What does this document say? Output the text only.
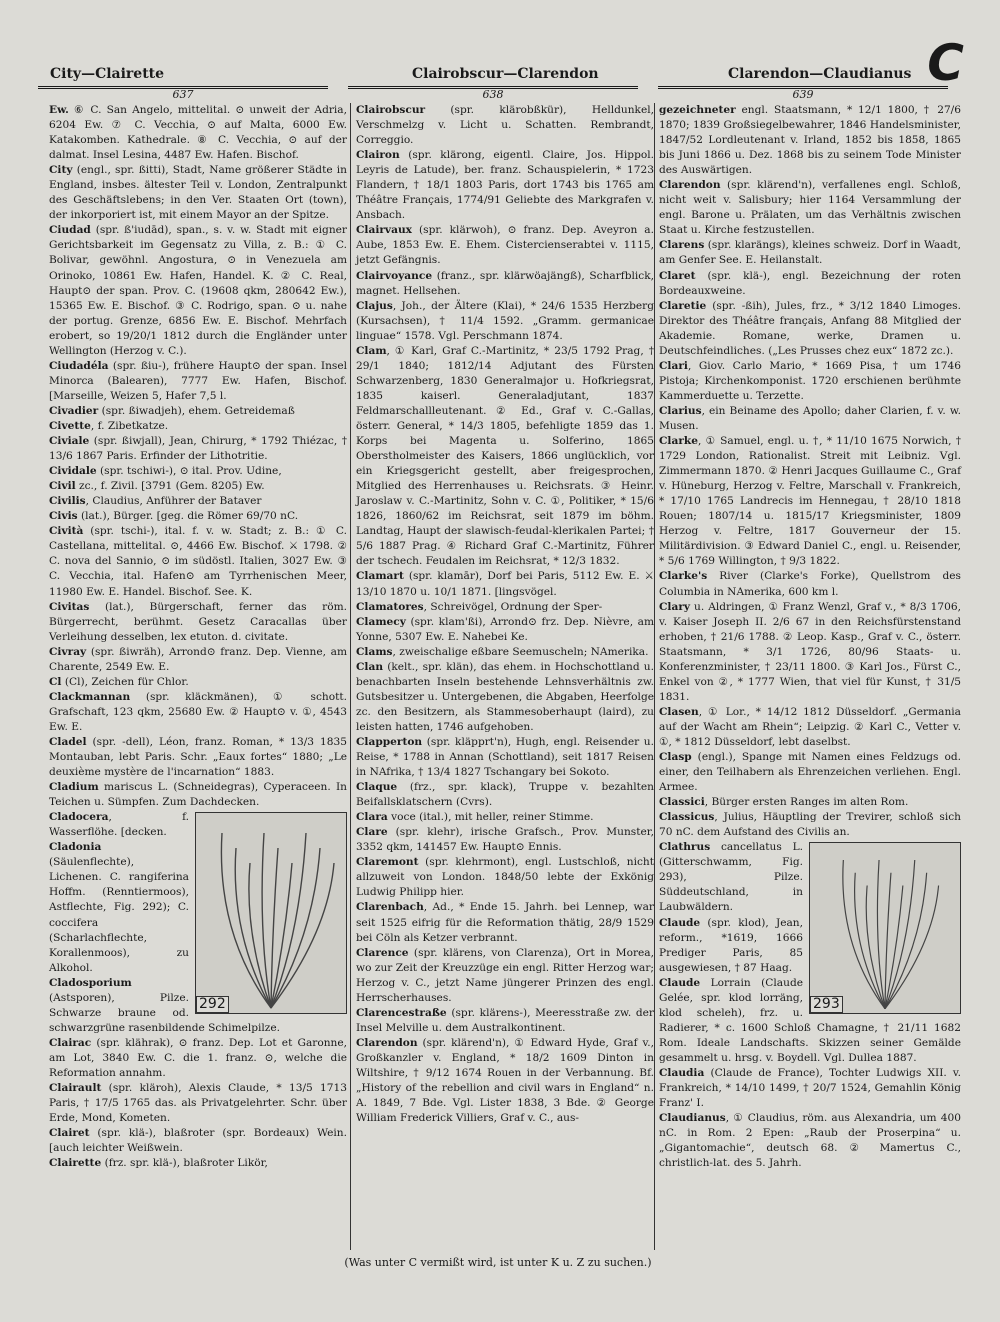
C
City—Clairette	Clairobscur—Clarendon	Clarendon—Claudianus
637	638	639

Ew. ⑥ C. San Angelo, mittelital. ⊙ unweit der Adria, 6204 Ew. ⑦ C. Vecchia, ⊙ auf Malta, 6000 Ew. Katakomben. Kathedrale. ⑧ C. Vecchia, ⊙ auf der dalmat. Insel Lesina, 4487 Ew. Hafen. Bischof.

City (engl., spr. ßitti), Stadt, Name größerer Städte in England, insbes. ältester Teil v. London, Zentralpunkt des Geschäftslebens; in den Ver. Staaten Ort (town), der inkorporiert ist, mit einem Mayor an der Spitze.

Ciudad (spr. ß'iudād), span., s. v. w. Stadt mit eigner Gerichtsbarkeit im Gegensatz zu Villa, z. B.: ① C. Bolivar, gewöhnl. Angostura, ⊙ in Venezuela am Orinoko, 10861 Ew. Hafen, Handel. K. ② C. Real, Haupt⊙ der span. Prov. C. (19608 qkm, 280642 Ew.), 15365 Ew. E. Bischof. ③ C. Rodrigo, span. ⊙ u. nahe der portug. Grenze, 6856 Ew. E. Bischof. Mehrfach erobert, so 19/20/1 1812 durch die Engländer unter Wellington (Herzog v. C.).

Ciudadéla (spr. ßiu-), frühere Haupt⊙ der span. Insel Minorca (Balearen), 7777 Ew. Hafen, Bischof. [Marseille, Weizen 5, Hafer 7,5 l.

Civadier (spr. ßiwadjeh), ehem. Getreidemaß

Civette, f. Zibetkatze.

Civiale (spr. ßiwjall), Jean, Chirurg, * 1792 Thiézac, † 13/6 1867 Paris. Erfinder der Lithotritie.

Cividale (spr. tschiwi-), ⊙ ital. Prov. Udine,

Civil zc., f. Zivil. [3791 (Gem. 8205) Ew.

Civilis, Claudius, Anführer der Bataver

Civis (lat.), Bürger. [geg. die Römer 69/70 nC.

Cività (spr. tschi-), ital. f. v. w. Stadt; z. B.: ① C. Castellana, mittelital. ⊙, 4466 Ew. Bischof. ⚔ 1798. ② C. nova del Sannio, ⊙ im südöstl. Italien, 3027 Ew. ③ C. Vecchia, ital. Hafen⊙ am Tyrrhenischen Meer, 11980 Ew. E. Handel. Bischof. See. K.

Civitas (lat.), Bürgerschaft, ferner das röm. Bürgerrecht, berühmt. Gesetz Caracallas über Verleihung desselben, lex etuton. d. civitate.

Civray (spr. ßiwräh), Arrond⊙ franz. Dep. Vienne, am Charente, 2549 Ew. E.

Cl (Cl), Zeichen für Chlor.

Clackmannan (spr. kläckmänen), ① schott. Grafschaft, 123 qkm, 25680 Ew. ② Haupt⊙ v. ①, 4543 Ew. E.

Cladel (spr. -dell), Léon, franz. Roman, * 13/3 1835 Montauban, lebt Paris. Schr. „Eaux fortes“ 1880; „Le deuxième mystère de l'incarnation“ 1883.

Cladium mariscus L. (Schneidegras), Cyperaceen. In Teichen u. Sümpfen. Zum Dachdecken.

292

Cladocera, f. Wasserflöhe. [decken.

Cladonia (Säulenflechte), Lichenen. C. rangiferina Hoffm. (Renntiermoos), Astflechte, Fig. 292); C. coccifera (Scharlachflechte, Korallenmoos), zu Alkohol.

Cladosporium (Astsporen), Pilze. Schwarze braune od. schwarzgrüne rasenbildende Schimelpilze.

Clairac (spr. klährak), ⊙ franz. Dep. Lot et Garonne, am Lot, 3840 Ew. C. die 1. franz. ⊙, welche die Reformation annahm.

Clairault (spr. kläroh), Alexis Claude, * 13/5 1713 Paris, † 17/5 1765 das. als Privatgelehrter. Schr. über Erde, Mond, Kometen.

Clairet (spr. klä-), blaßroter (spr. Bordeaux) Wein. [auch leichter Weißwein.

Clairette (frz. spr. klä-), blaßroter Likör,

Clairobscur (spr. klärobßkür), Helldunkel, Verschmelzg v. Licht u. Schatten. Rembrandt, Correggio.

Clairon (spr. klärong, eigentl. Claire, Jos. Hippol. Leyris de Latude), ber. franz. Schauspielerin, * 1723 Flandern, † 18/1 1803 Paris, dort 1743 bis 1765 am Théâtre Français, 1774/91 Geliebte des Markgrafen v. Ansbach.

Clairvaux (spr. klärwoh), ⊙ franz. Dep. Aveyron a. Aube, 1853 Ew. E. Ehem. Cistercienserabtei v. 1115, jetzt Gefängnis.

Clairvoyance (franz., spr. klärwöajängß), Scharfblick, magnet. Hellsehen.

Clajus, Joh., der Ältere (Klai), * 24/6 1535 Herzberg (Kursachsen), † 11/4 1592. „Gramm. germanicae linguae“ 1578. Vgl. Perschmann 1874.

Clam, ① Karl, Graf C.-Martinitz, * 23/5 1792 Prag, † 29/1 1840; 1812/14 Adjutant des Fürsten Schwarzenberg, 1830 Generalmajor u. Hofkriegsrat, 1835 kaiserl. Generaladjutant, 1837 Feldmarschallleutenant. ② Ed., Graf v. C.-Gallas, österr. General, * 14/3 1805, befehligte 1859 das 1. Korps bei Magenta u. Solferino, 1865 Oberstholmeister des Kaisers, 1866 unglücklich, vor ein Kriegsgericht gestellt, aber freigesprochen, Mitglied des Herrenhauses u. Reichsrats. ③ Heinr. Jaroslaw v. C.-Martinitz, Sohn v. C. ①, Politiker, * 15/6 1826, 1860/62 im Reichsrat, seit 1879 im böhm. Landtag, Haupt der slawisch-feudal-klerikalen Partei; † 5/6 1887 Prag. ④ Richard Graf C.-Martinitz, Führer der tschech. Feudalen im Reichsrat, * 12/3 1832.

Clamart (spr. klamār), Dorf bei Paris, 5112 Ew. E. ⚔ 13/10 1870 u. 10/1 1871. [lingsvögel.

Clamatores, Schreivögel, Ordnung der Sper-

Clamecy (spr. klam'ßi), Arrond⊙ frz. Dep. Nièvre, am Yonne, 5307 Ew. E. Nahebei Ke.

Clams, zweischalige eßbare Seemuscheln; NAmerika.

Clan (kelt., spr. klän), das ehem. in Hochschottland u. benachbarten Inseln bestehende Lehnsverhältnis zw. Gutsbesitzer u. Untergebenen, die Abgaben, Heerfolge zc. den Besitzern, als Stammesoberhaupt (laird), zu leisten hatten, 1746 aufgehoben.

Clapperton (spr. kläpprt'n), Hugh, engl. Reisender u. Reise, * 1788 in Annan (Schottland), seit 1817 Reisen in NAfrika, † 13/4 1827 Tschangary bei Sokoto.

Claque (frz., spr. klack), Truppe v. bezahlten Beifallsklatschern (Cvrs).

Clara voce (ital.), mit heller, reiner Stimme.

Clare (spr. klehr), irische Grafsch., Prov. Munster, 3352 qkm, 141457 Ew. Haupt⊙ Ennis.

Claremont (spr. klehrmont), engl. Lustschloß, nicht allzuweit von London. 1848/50 lebte der Exkönig Ludwig Philipp hier.

Clarenbach, Ad., * Ende 15. Jahrh. bei Lennep, war seit 1525 eifrig für die Reformation thätig, 28/9 1529 bei Cöln als Ketzer verbrannt.

Clarence (spr. klärens, von Clarenza), Ort in Morea, wo zur Zeit der Kreuzzüge ein engl. Ritter Herzog war; Herzog v. C., jetzt Name jüngerer Prinzen des engl. Herrscherhauses.

Clarencestraße (spr. klärens-), Meeresstraße zw. der Insel Melville u. dem Australkontinent.

Clarendon (spr. klärend'n), ① Edward Hyde, Graf v., Großkanzler v. England, * 18/2 1609 Dinton in Wiltshire, † 9/12 1674 Rouen in der Verbannung. Bf. „History of the rebellion and civil wars in England“ n. A. 1849, 7 Bde. Vgl. Lister 1838, 3 Bde. ② George William Frederick Villiers, Graf v. C., aus-

gezeichneter engl. Staatsmann, * 12/1 1800, † 27/6 1870; 1839 Großsiegelbewahrer, 1846 Handelsminister, 1847/52 Lordleutenant v. Irland, 1852 bis 1858, 1865 bis Juni 1866 u. Dez. 1868 bis zu seinem Tode Minister des Auswärtigen.

Clarendon (spr. klärend'n), verfallenes engl. Schloß, nicht weit v. Salisbury; hier 1164 Versammlung der engl. Barone u. Prälaten, um das Verhältnis zwischen Staat u. Kirche festzustellen.

Clarens (spr. klarängs), kleines schweiz. Dorf in Waadt, am Genfer See. E. Heilanstalt.

Claret (spr. klä-), engl. Bezeichnung der roten Bordeauxweine.

Claretie (spr. -ßih), Jules, frz., * 3/12 1840 Limoges. Direktor des Théâtre français, Anfang 88 Mitglied der Akademie. Romane, werke, Dramen u. Deutschfeindliches. („Les Prusses chez eux“ 1872 zc.).

Clari, Giov. Carlo Mario, * 1669 Pisa, † um 1746 Pistoja; Kirchenkomponist. 1720 erschienen berühmte Kammerduette u. Terzette.

Clarius, ein Beiname des Apollo; daher Clarien, f. v. w. Musen.

Clarke, ① Samuel, engl. u. †, * 11/10 1675 Norwich, † 1729 London, Rationalist. Streit mit Leibniz. Vgl. Zimmermann 1870. ② Henri Jacques Guillaume C., Graf v. Hüneburg, Herzog v. Feltre, Marschall v. Frankreich, * 17/10 1765 Landrecis im Hennegau, † 28/10 1818 Rouen; 1807/14 u. 1815/17 Kriegsminister, 1809 Herzog v. Feltre, 1817 Gouverneur der 15. Militärdivision. ③ Edward Daniel C., engl. u. Reisender, * 5/6 1769 Willington, † 9/3 1822.

Clarke's River (Clarke's Forke), Quellstrom des Columbia in NAmerika, 600 km l.

Clary u. Aldringen, ① Franz Wenzl, Graf v., * 8/3 1706, v. Kaiser Joseph II. 2/6 67 in den Reichsfürstenstand erhoben, † 21/6 1788. ② Leop. Kasp., Graf v. C., österr. Staatsmann, * 3/1 1726, 80/96 Staats- u. Konferenzminister, † 23/11 1800. ③ Karl Jos., Fürst C., Enkel von ②, * 1777 Wien, that viel für Kunst, † 31/5 1831.

Clasen, ① Lor., * 14/12 1812 Düsseldorf. „Germania auf der Wacht am Rhein“; Leipzig. ② Karl C., Vetter v. ①, * 1812 Düsseldorf, lebt daselbst.

Clasp (engl.), Spange mit Namen eines Feldzugs od. einer, den Teilhabern als Ehrenzeichen verliehen. Engl. Armee.

Classici, Bürger ersten Ranges im alten Rom.

Classicus, Julius, Häuptling der Trevirer, schloß sich 70 nC. dem Aufstand des Civilis an.

293

Clathrus cancellatus L. (Gitterschwamm, Fig. 293), Pilze. Süddeutschland, in Laubwäldern.

Claude (spr. klod), Jean, reform., *1619, 1666 Prediger Paris, 85 ausgewiesen, † 87 Haag.

Claude Lorrain (Claude Gelée, spr. klod lorräng, klod scheleh), frz. u. Radierer, * c. 1600 Schloß Chamagne, † 21/11 1682 Rom. Ideale Landschafts. Skizzen seiner Gemälde gesammelt u. hrsg. v. Boydell. Vgl. Dullea 1887.

Claudia (Claude de France), Tochter Ludwigs XII. v. Frankreich, * 14/10 1499, † 20/7 1524, Gemahlin König Franz' I.

Claudianus, ① Claudius, röm. aus Alexandria, um 400 nC. in Rom. 2 Epen: „Raub der Proserpina“ u. „Gigantomachie“, deutsch 68. ② Mamertus C., christlich-lat. des 5. Jahrh.

(Was unter C vermißt wird, ist unter K u. Z zu suchen.)
